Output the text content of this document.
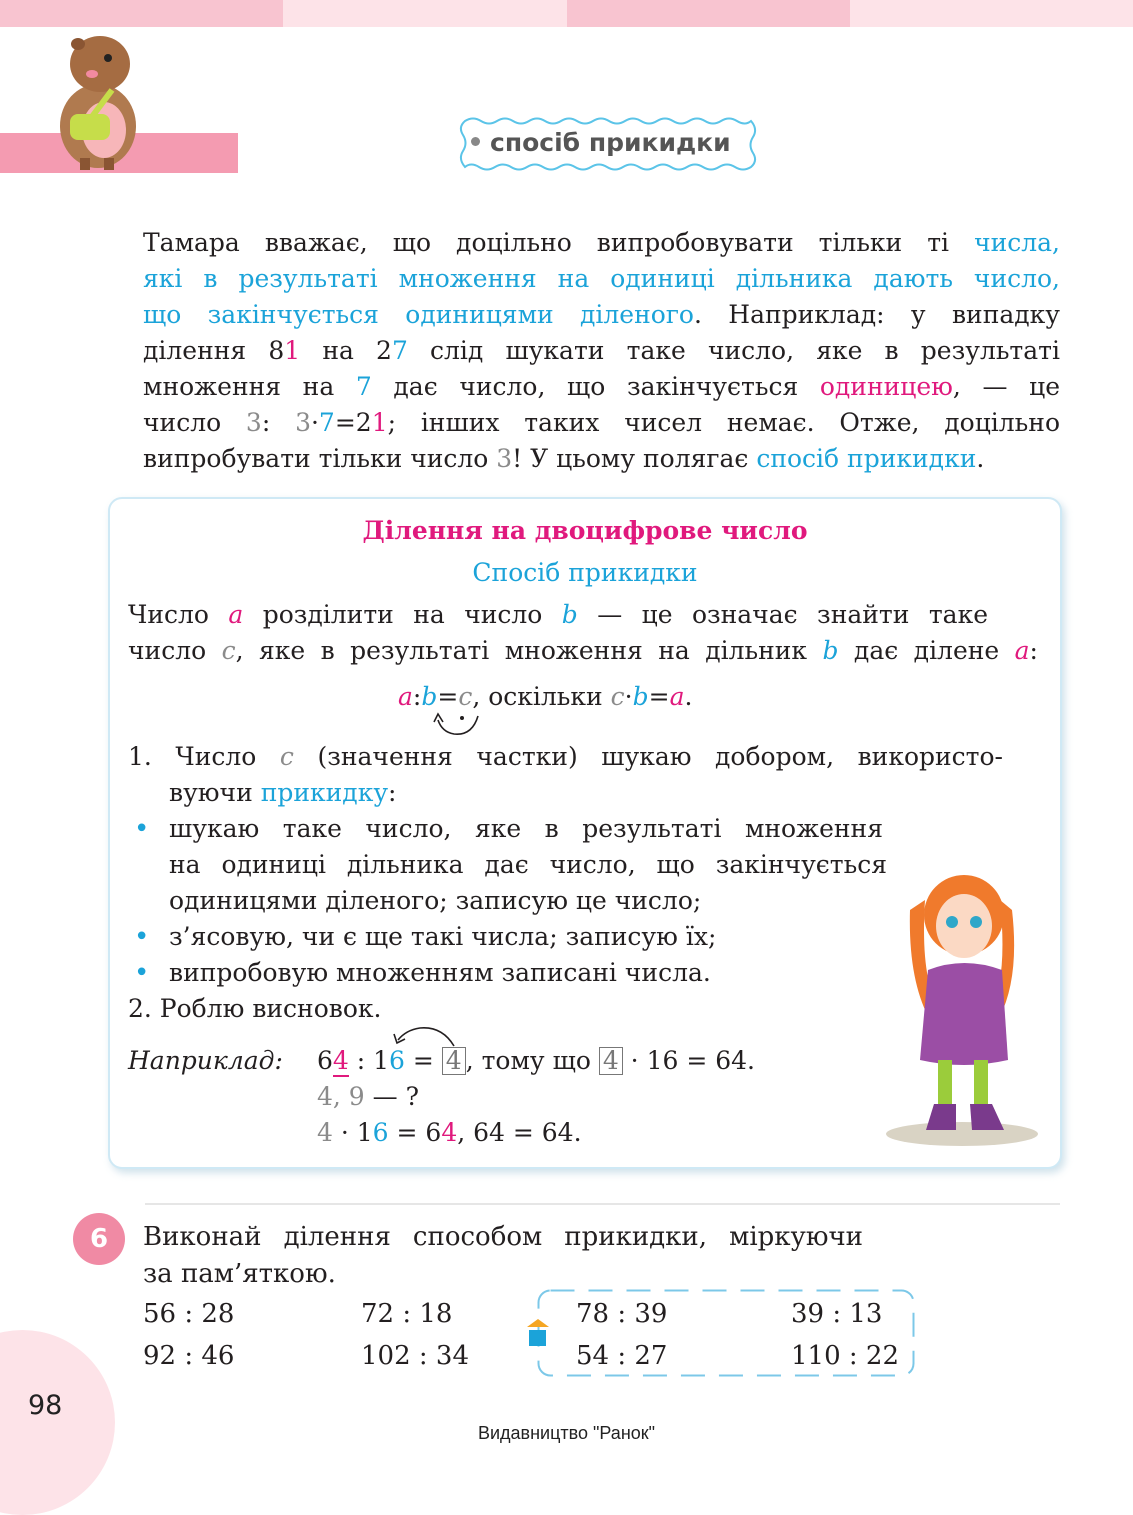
спосіб прикидки
Тамара вважає, що доцільно випробовувати тільки ті числа,
які в результаті множення на одиниці дільника дають число,
що закінчується одиницями діленого. Наприклад: у випадку
ділення 81 на 27 слід шукати таке число, яке в результаті
множення на 7 дає число, що закінчується одиницею, — це
число 3: 3·7=21; інших таких чисел немає. Отже, доцільно
випробувати тільки число 3! У цьому полягає спосіб прикидки.
Ділення на двоцифрове число
Спосіб прикидки
Число a розділити на число b — це означає знайти таке
число c, яке в результаті множення на дільник b дає ділене a:
a:b=c, оскільки c·b=a.
1. Число c (значення частки) шукаю добором, використо-
вуючи прикидку:
• шукаю таке число, яке в результаті множення
на одиниці дільника дає число, що закінчується
одиницями діленого; записую це число;
• з’ясовую, чи є ще такі числа; записую їх;
• випробовую множенням записані числа.
2. Роблю висновок.
Наприклад: 64 : 16 = 4 , тому що 4 · 16 = 64.
4, 9 — ?
4 · 16 = 64, 64 = 64.
6	Виконай ділення способом прикидки, міркуючи
за пам’яткою.
56 : 28	72 : 18	78 : 39	39 : 13
92 : 46	102 : 34	54 : 27	110 : 22
98
Видавництво "Ранок"
